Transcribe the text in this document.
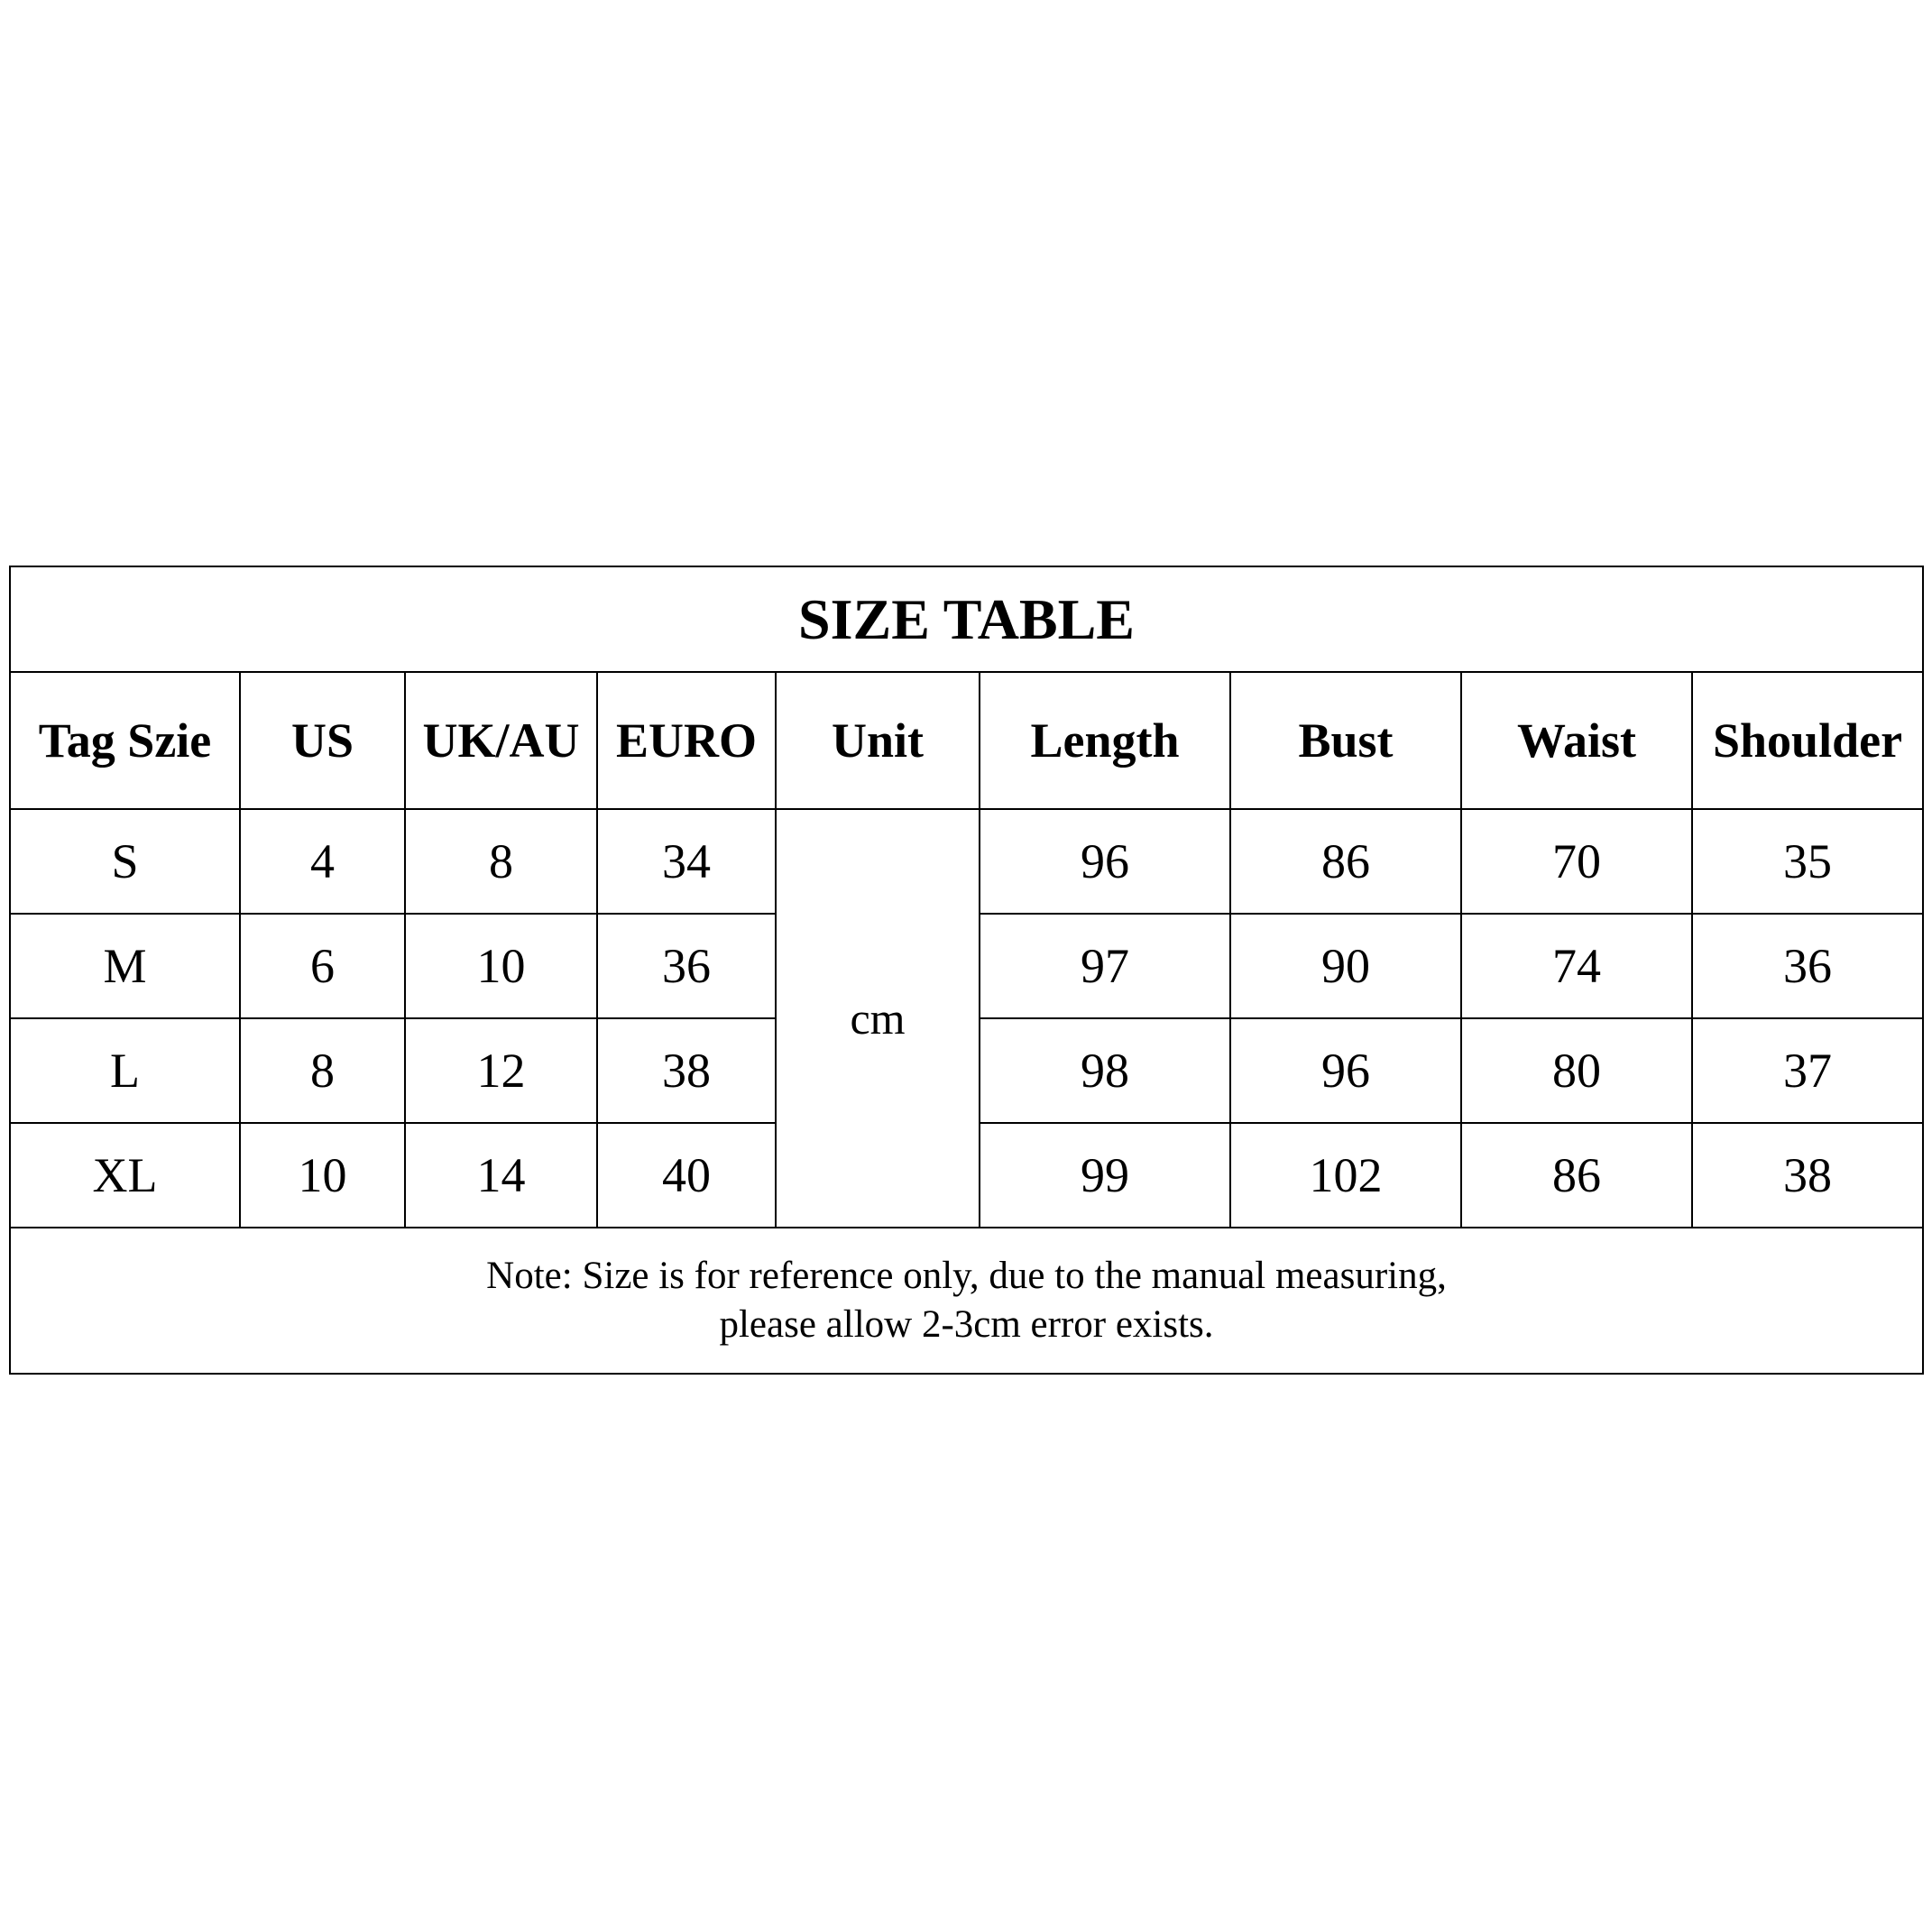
SIZE TABLE								
Tag Szie	US	UK/AU	EURO	Unit	Length	Bust	Waist	Shoulder
S	4	8	34	cm	96	86	70	35
M	6	10	36		97	90	74	36
L	8	12	38		98	96	80	37
XL	10	14	40		99	102	86	38

Note: Size is for reference only, due to the manual measuring,
please allow 2-3cm error exists.								
